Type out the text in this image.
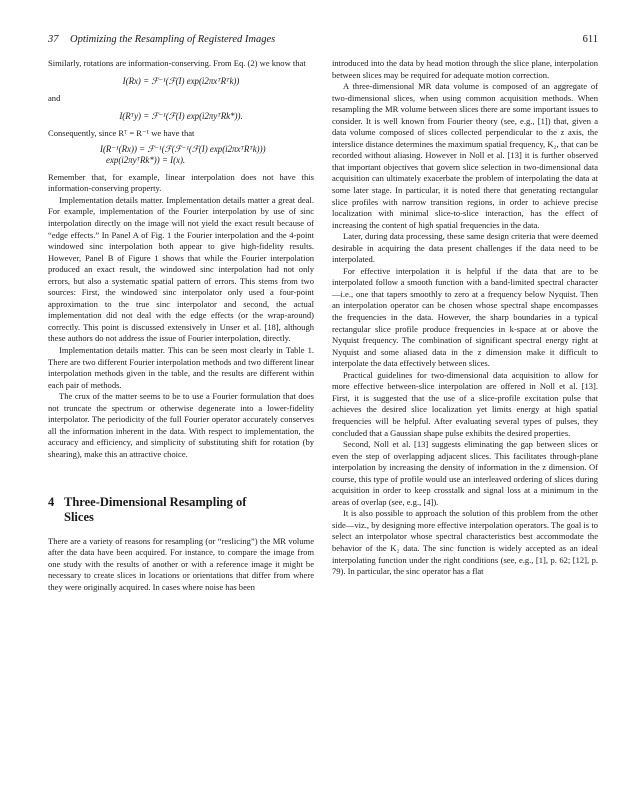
37 Optimizing the Resampling of Registered Images	611

Similarly, rotations are information-conserving. From Eq. (2) we know that

I(Rx) = ℱ⁻¹(ℱ(I) exp(i2πxᵀRᵀk))

and

I(Rᵀy) = ℱ⁻¹(ℱ(I) exp(i2πyᵀRk*)).

Consequently, since Rᵀ = R⁻¹ we have that

I(R⁻¹(Rx)) = ℱ⁻¹(ℱ(ℱ⁻¹(ℱ(I) exp(i2πxᵀRᵀk)))
exp(i2πyᵀRk*)) = I(x).

Remember that, for example, linear interpolation does not have this information-conserving property.

Implementation details matter. Implementation details matter a great deal. For example, implementation of the Fourier interpolation by use of sinc interpolation directly on the image will not yield the exact result because of “edge effects.” In Panel A of Fig. 1 the Fourier interpolation and the 4-point windowed sinc interpolation both appear to give high-fidelity results. However, Panel B of Figure 1 shows that while the Fourier interpolation produced an exact result, the windowed sinc interpolation had not only errors, but also a systematic spatial pattern of errors. This stems from two sources: First, the windowed sinc interpolator only used a four-point approximation to the true sinc interpolator and second, the actual implementation did not deal with the edge effects (or the wrap-around) correctly. This point is discussed extensively in Unser et al. [18], although these authors do not address the issue of Fourier interpolation, directly.

Implementation details matter. This can be seen most clearly in Table 1. There are two different Fourier interpolation methods and two different linear interpolation methods given in the table, and the results are different within each pair of methods.

The crux of the matter seems to be to use a Fourier formulation that does not truncate the spectrum or otherwise degenerate into a lower-fidelity interpolator. The periodicity of the full Fourier operator accurately conserves all the information inherent in the data. With respect to implementation, the accuracy and efficiency, and simplicity of substituting shift for rotation (by shearing), make this an attractive choice.

4 Three-Dimensional Resampling of
Slices

There are a variety of reasons for resampling (or “reslicing”) the MR volume after the data have been acquired. For instance, to compare the image from one study with the results of another or with a reference image it might be necessary to create slices in locations or orientations that differ from where they were originally acquired. In cases where noise has been

introduced into the data by head motion through the slice plane, interpolation between slices may be required for adequate motion correction.

A three-dimensional MR data volume is composed of an aggregate of two-dimensional slices, when using common acquisition methods. When resampling the MR volume between slices there are some important issues to consider. It is well known from Fourier theory (see, e.g., [1]) that, given a data volume composed of slices collected perpendicular to the z axis, the interslice distance determines the maximum spatial frequency, K₂, that can be recorded without aliasing. However in Noll et al. [13] it is further observed that important objectives that govern slice selection in two-dimensional data acquisition can ultimately exacerbate the problem of interpolating the data at some later stage. In particular, it is noted there that generating rectangular slice profiles with narrow transition regions, in order to achieve precise localization with minimal slice-to-slice interaction, has the effect of increasing the content of high spatial frequencies in the data.

Later, during data processing, these same design criteria that were deemed desirable in acquiring the data present challenges if the data need to be interpolated.

For effective interpolation it is helpful if the data that are to be interpolated follow a smooth function with a band-limited spectral character—i.e., one that tapers smoothly to zero at a frequency below Nyquist. Then an interpolation operator can be chosen whose spectral shape encompasses the frequencies in the data. However, the sharp boundaries in a typical rectangular slice profile produce frequencies in k-space at or above the Nyquist frequency. The combination of significant spectral energy right at Nyquist and some aliased data in the z dimension make it difficult to interpolate the data effectively between slices.

Practical guidelines for two-dimensional data acquisition to allow for more effective between-slice interpolation are offered in Noll et al. [13]. First, it is suggested that the use of a slice-profile excitation pulse that achieves the desired slice localization yet limits energy at high spatial frequencies will be helpful. After evaluating several types of pulses, they concluded that a Gaussian shape pulse exhibits the desired properties.

Second, Noll et al. [13] suggests eliminating the gap between slices or even the step of overlapping adjacent slices. This facilitates through-plane interpolation by increasing the density of information in the z dimension. Of course, this type of profile would use an interleaved ordering of slices during acquisition in order to keep crosstalk and signal loss at a minimum in the areas of overlap (see, e.g., [4]).

It is also possible to approach the solution of this problem from the other side—viz., by designing more effective interpolation operators. The goal is to select an interpolator whose spectral characteristics best accommodate the behavior of the K₂ data. The sinc function is widely accepted as an ideal interpolating function under the right conditions (see, e.g., [1], p. 62; [12], p. 79). In particular, the sinc operator has a flat
